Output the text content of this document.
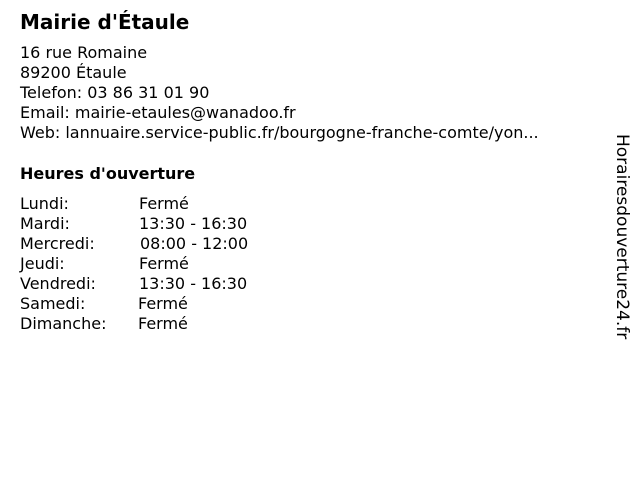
Mairie d'Étaule
16 rue Romaine
89200 Étaule
Telefon: 03 86 31 01 90
Email: mairie-etaules@wanadoo.fr
Web: lannuaire.service-public.fr/bourgogne-franche-comte/yon...
Heures d'ouverture
Lundi:	Fermé
Mardi:	13:30 - 16:30
Mercredi:	08:00 - 12:00
Jeudi:	Fermé
Vendredi:	13:30 - 16:30
Samedi:	Fermé
Dimanche: Fermé	Horairesdouverture24.fr
